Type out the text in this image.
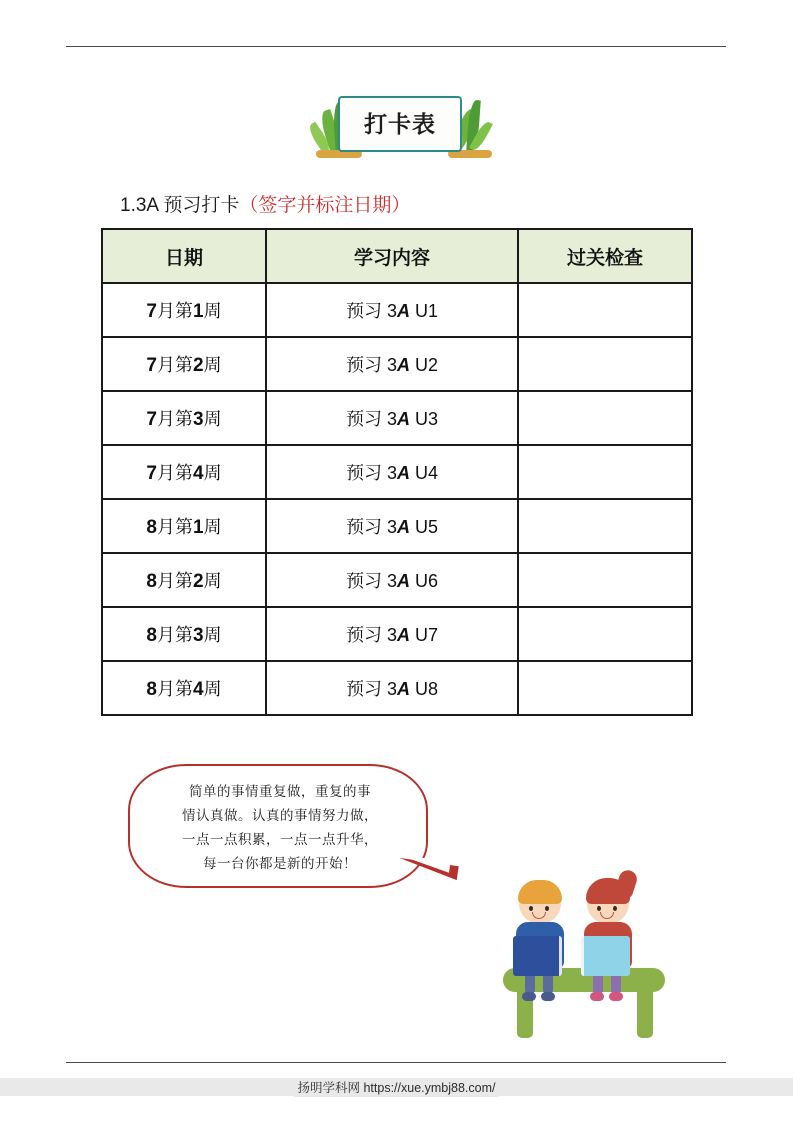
打卡表
1.3A 预习打卡（签字并标注日期）
日期	学习内容	过关检查
7月第1周	预习 3A U1	
7月第2周	预习 3A U2	
7月第3周	预习 3A U3	
7月第4周	预习 3A U4	
8月第1周	预习 3A U5	
8月第2周	预习 3A U6	
8月第3周	预习 3A U7	
8月第4周	预习 3A U8	
简单的事情重复做，重复的事
情认真做。认真的事情努力做，
一点一点积累，一点一点升华，
每一台你都是新的开始！
扬明学科网 https://xue.ymbj88.com/
